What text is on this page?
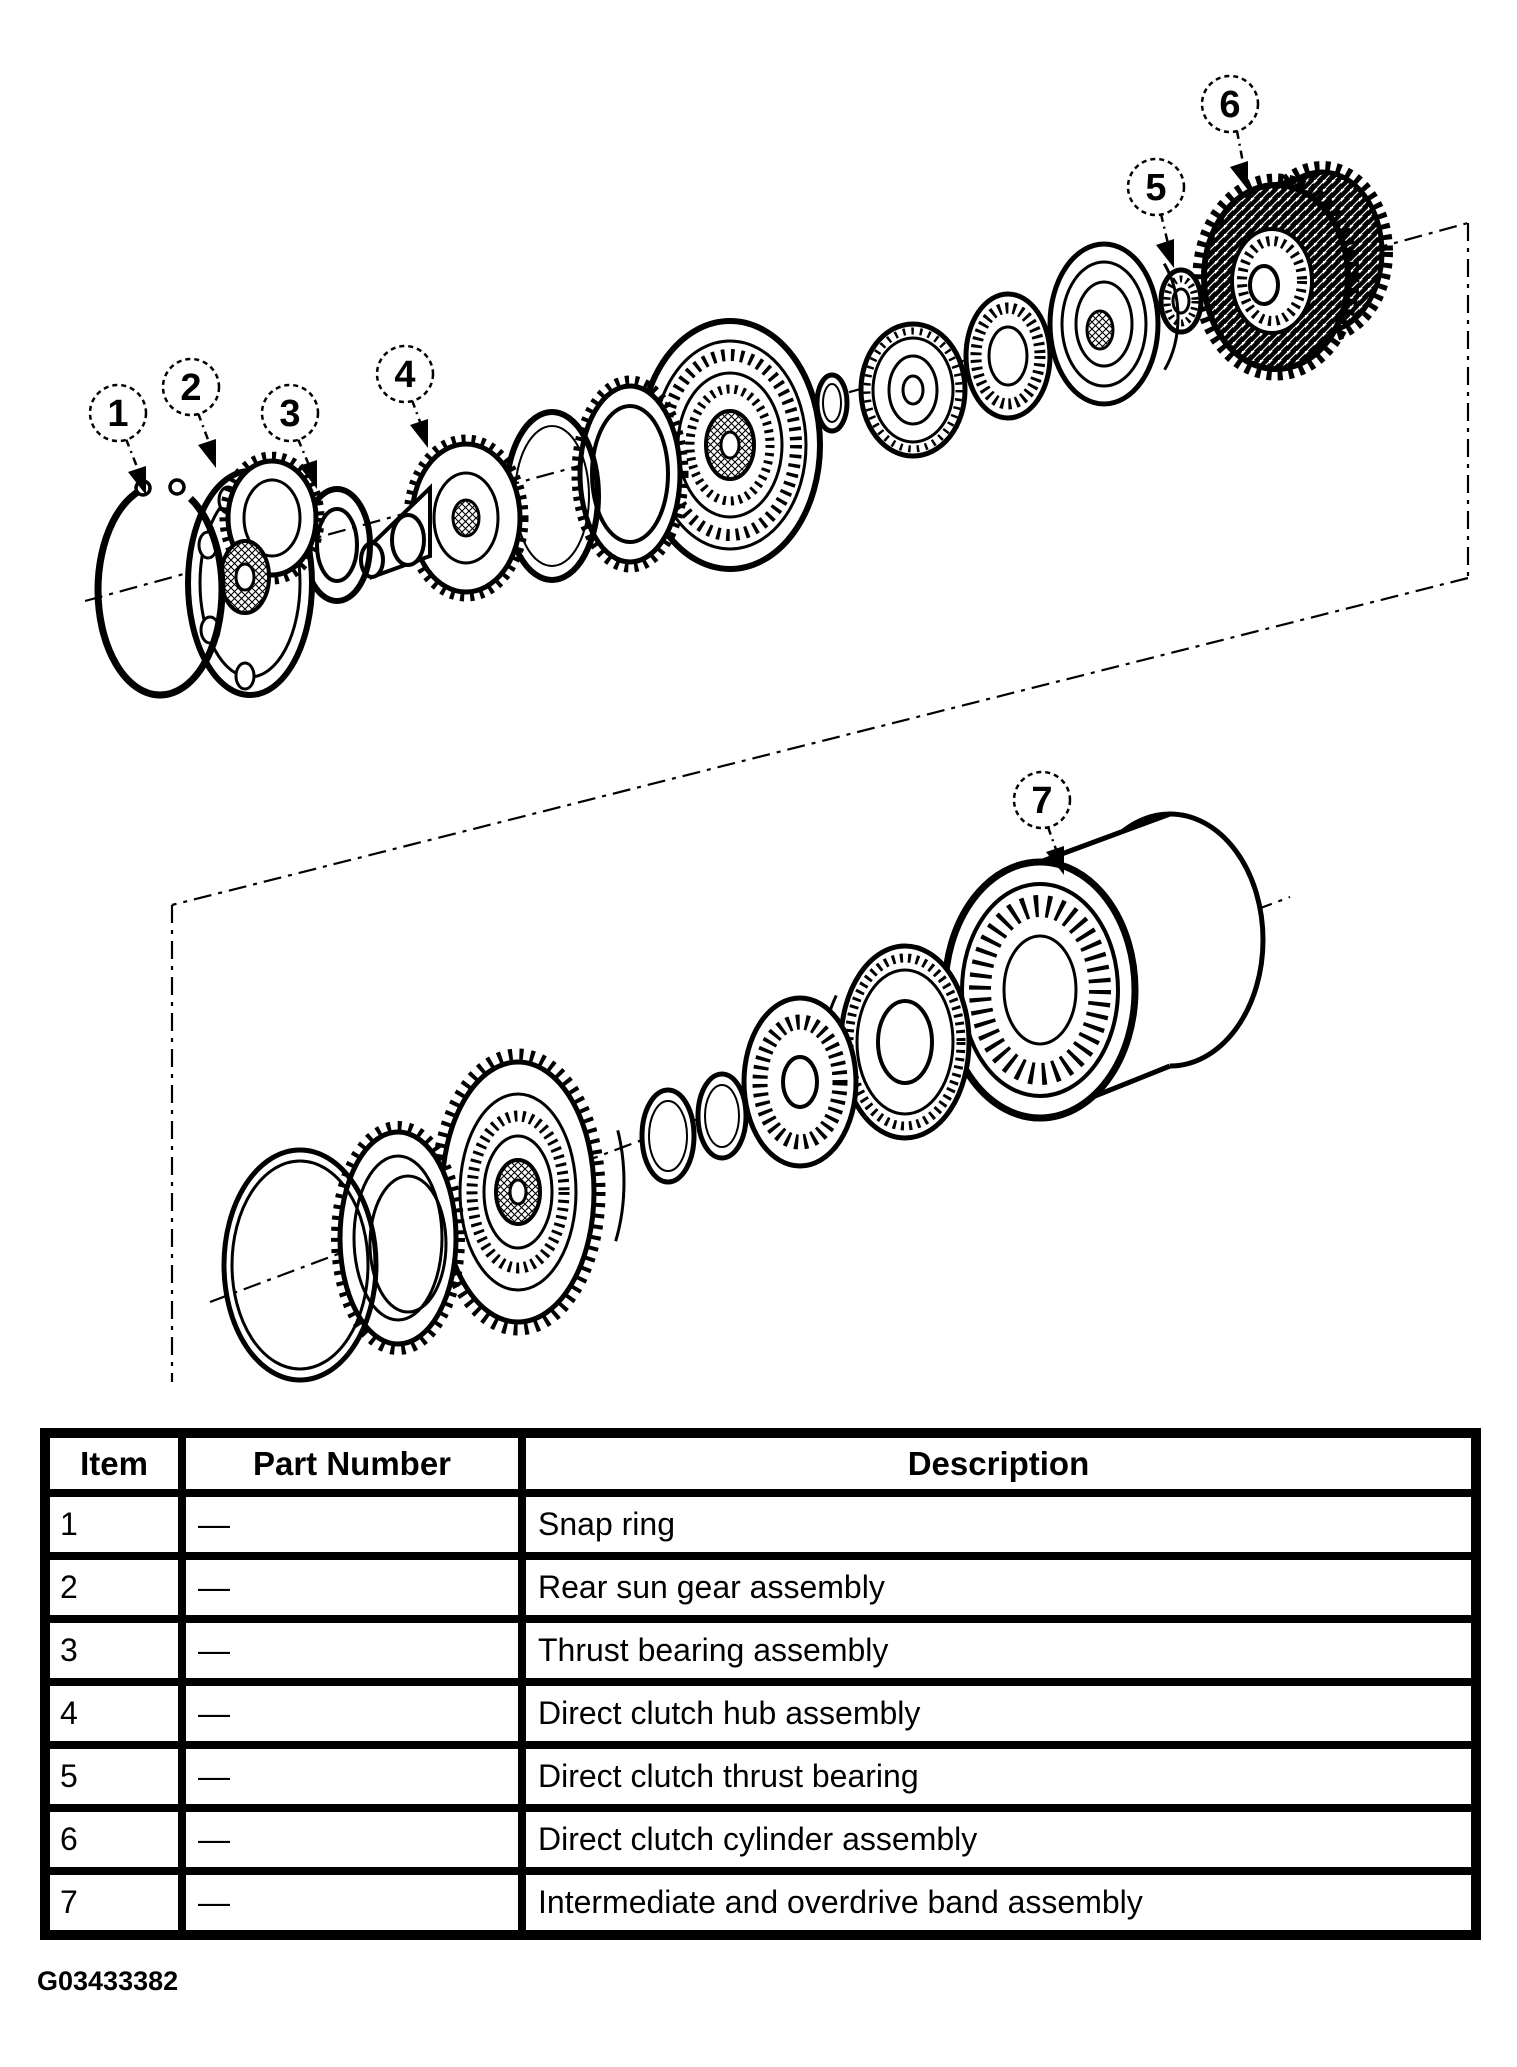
1
2
3
4
5
6
7
Item	Part Number	Description
1	—	Snap ring
2	—	Rear sun gear assembly
3	—	Thrust bearing assembly
4	—	Direct clutch hub assembly
5	—	Direct clutch thrust bearing
6	—	Direct clutch cylinder assembly
7	—	Intermediate and overdrive band assembly
G03433382
